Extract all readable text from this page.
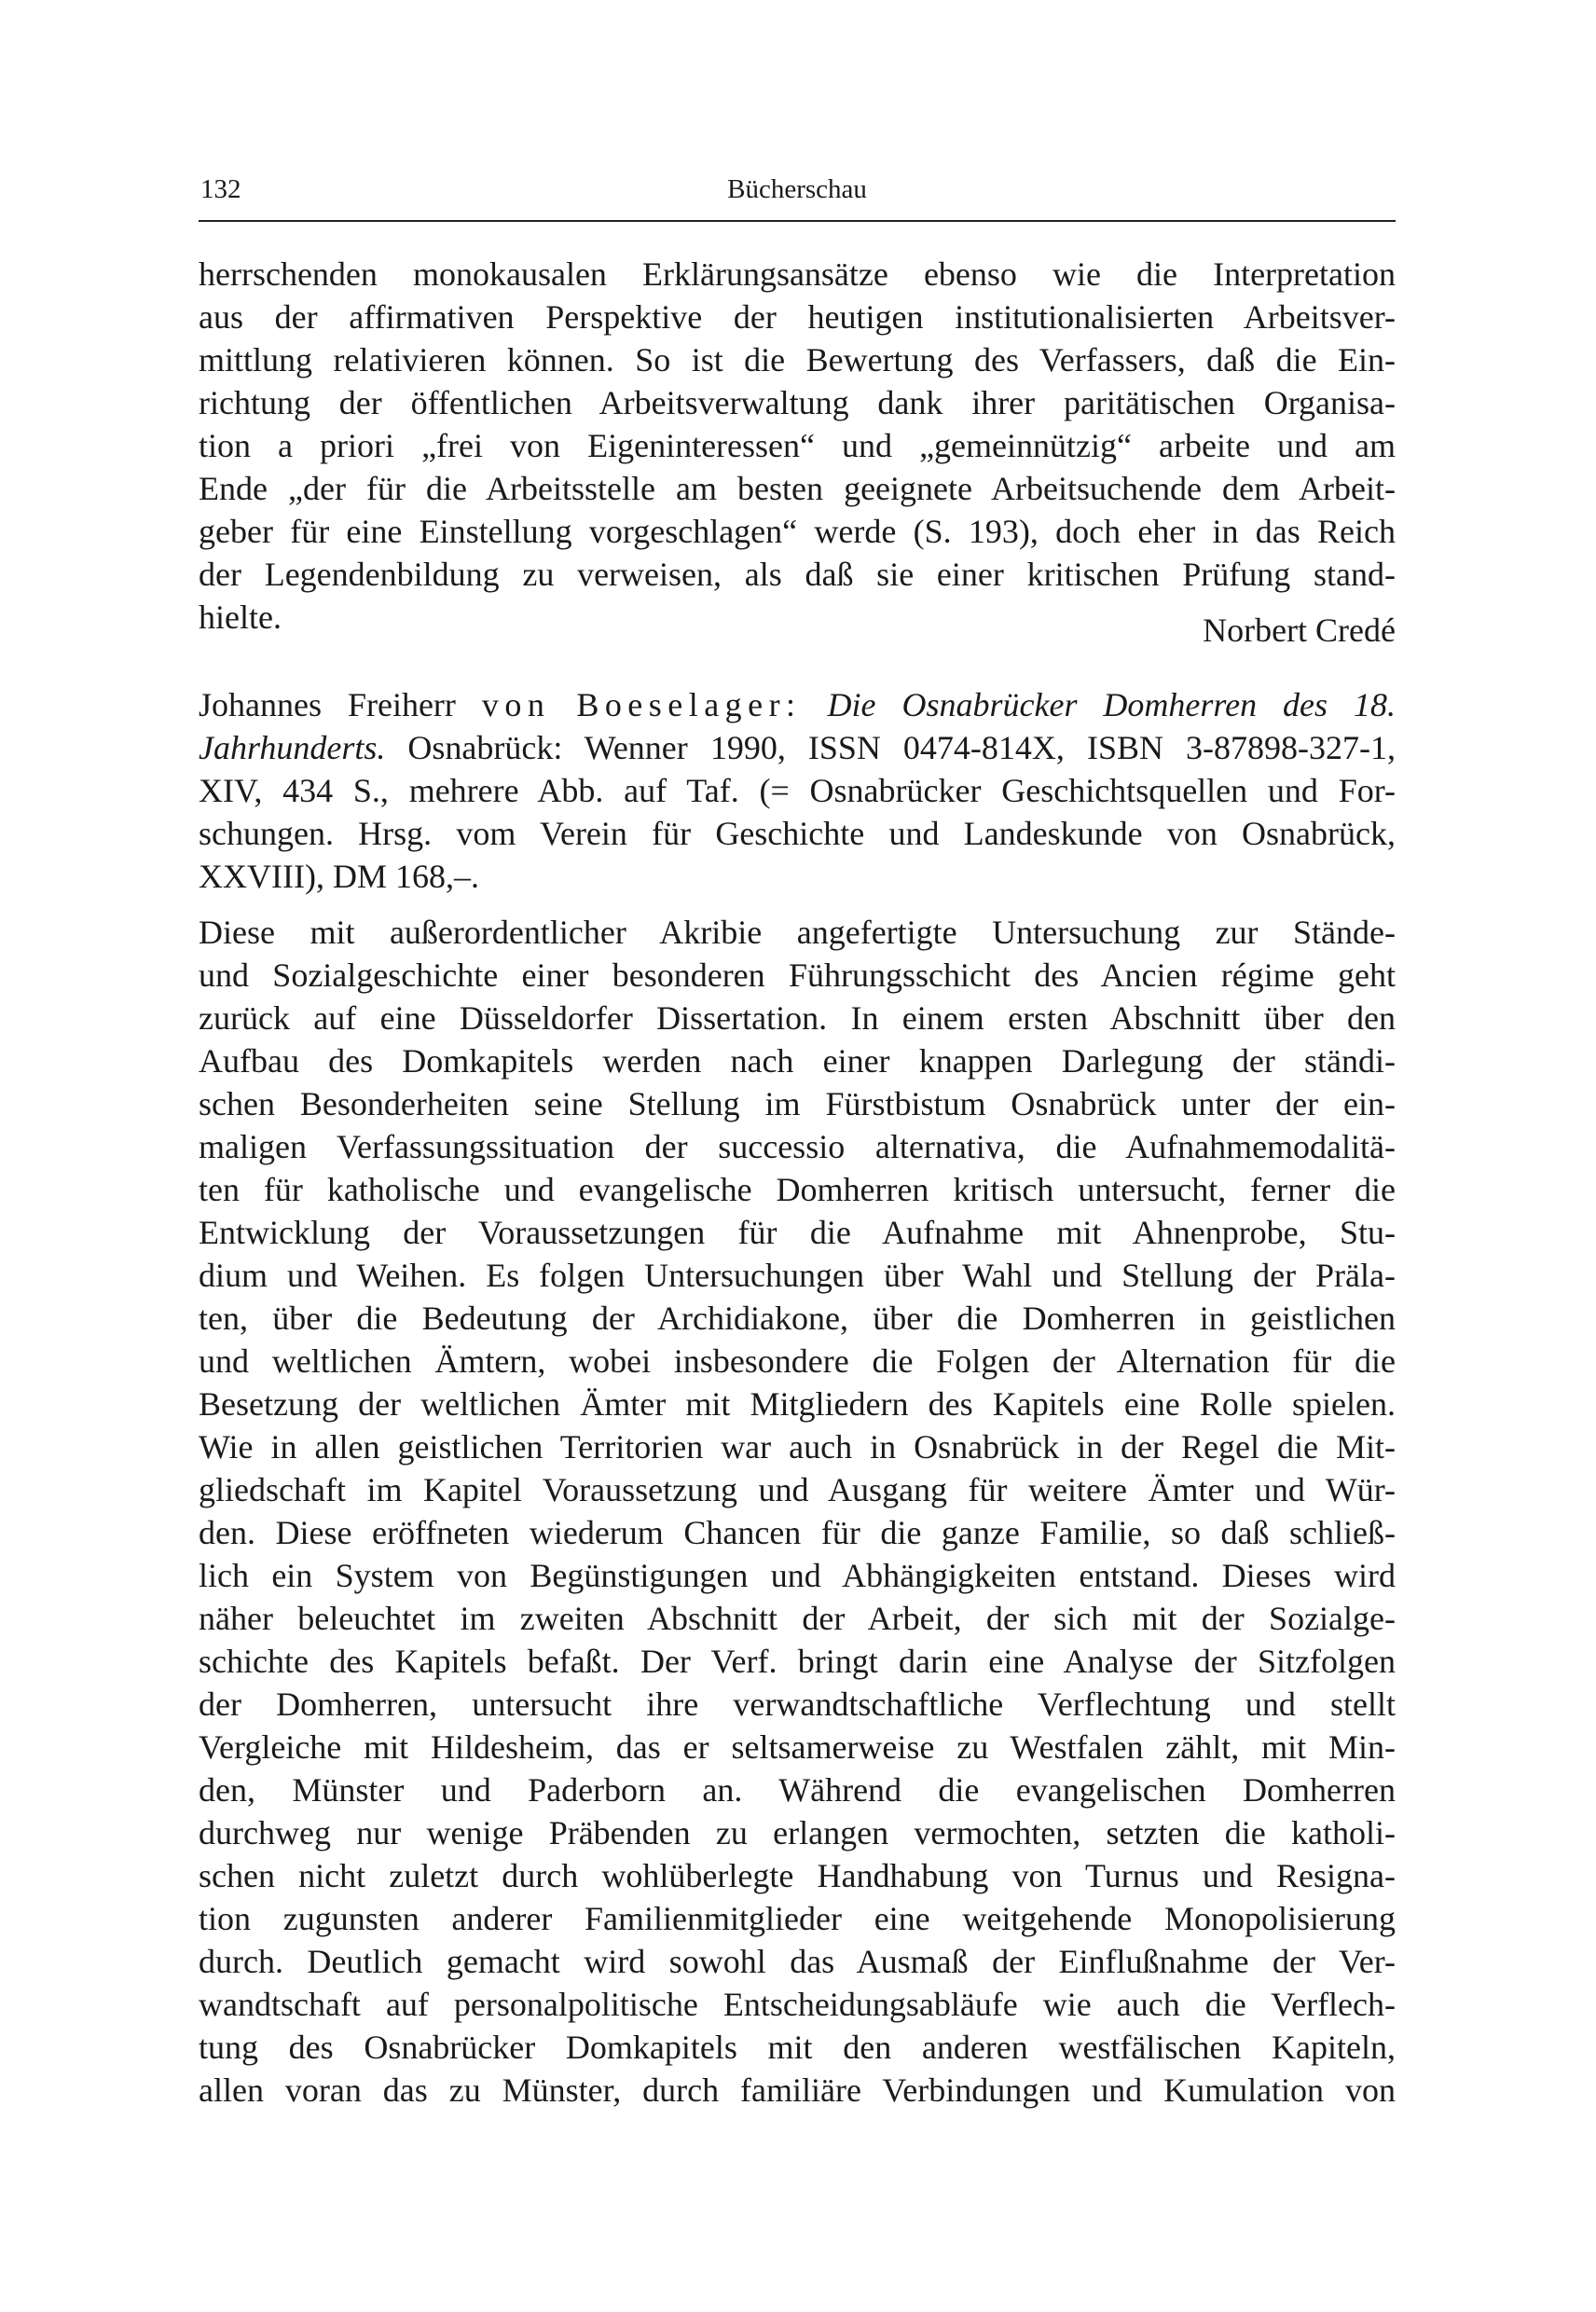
132	Bücherschau
herrschenden monokausalen Erklärungsansätze ebenso wie die Interpretation
aus der affirmativen Perspektive der heutigen institutionalisierten Arbeitsver-
mittlung relativieren können. So ist die Bewertung des Verfassers, daß die Ein-
richtung der öffentlichen Arbeitsverwaltung dank ihrer paritätischen Organisa-
tion a priori „frei von Eigeninteressen“ und „gemeinnützig“ arbeite und am
Ende „der für die Arbeitsstelle am besten geeignete Arbeitsuchende dem Arbeit-
geber für eine Einstellung vorgeschlagen“ werde (S. 193), doch eher in das Reich
der Legendenbildung zu verweisen, als daß sie einer kritischen Prüfung stand-
hielte.	Norbert Credé
Johannes Freiherr von Boeselager: Die Osnabrücker Domherren des 18.
Jahrhunderts. Osnabrück: Wenner 1990, ISSN 0474-814X, ISBN 3-87898-327-1,
XIV, 434 S., mehrere Abb. auf Taf. (= Osnabrücker Geschichtsquellen und For-
schungen. Hrsg. vom Verein für Geschichte und Landeskunde von Osnabrück,
XXVIII), DM 168,–.
Diese mit außerordentlicher Akribie angefertigte Untersuchung zur Stände-
und Sozialgeschichte einer besonderen Führungsschicht des Ancien régime geht
zurück auf eine Düsseldorfer Dissertation. In einem ersten Abschnitt über den
Aufbau des Domkapitels werden nach einer knappen Darlegung der ständi-
schen Besonderheiten seine Stellung im Fürstbistum Osnabrück unter der ein-
maligen Verfassungssituation der successio alternativa, die Aufnahmemodalitä-
ten für katholische und evangelische Domherren kritisch untersucht, ferner die
Entwicklung der Voraussetzungen für die Aufnahme mit Ahnenprobe, Stu-
dium und Weihen. Es folgen Untersuchungen über Wahl und Stellung der Präla-
ten, über die Bedeutung der Archidiakone, über die Domherren in geistlichen
und weltlichen Ämtern, wobei insbesondere die Folgen der Alternation für die
Besetzung der weltlichen Ämter mit Mitgliedern des Kapitels eine Rolle spielen.
Wie in allen geistlichen Territorien war auch in Osnabrück in der Regel die Mit-
gliedschaft im Kapitel Voraussetzung und Ausgang für weitere Ämter und Wür-
den. Diese eröffneten wiederum Chancen für die ganze Familie, so daß schließ-
lich ein System von Begünstigungen und Abhängigkeiten entstand. Dieses wird
näher beleuchtet im zweiten Abschnitt der Arbeit, der sich mit der Sozialge-
schichte des Kapitels befaßt. Der Verf. bringt darin eine Analyse der Sitzfolgen
der Domherren, untersucht ihre verwandtschaftliche Verflechtung und stellt
Vergleiche mit Hildesheim, das er seltsamerweise zu Westfalen zählt, mit Min-
den, Münster und Paderborn an. Während die evangelischen Domherren
durchweg nur wenige Präbenden zu erlangen vermochten, setzten die katholi-
schen nicht zuletzt durch wohlüberlegte Handhabung von Turnus und Resigna-
tion zugunsten anderer Familienmitglieder eine weitgehende Monopolisierung
durch. Deutlich gemacht wird sowohl das Ausmaß der Einflußnahme der Ver-
wandtschaft auf personalpolitische Entscheidungsabläufe wie auch die Verflech-
tung des Osnabrücker Domkapitels mit den anderen westfälischen Kapiteln,
allen voran das zu Münster, durch familiäre Verbindungen und Kumulation von
